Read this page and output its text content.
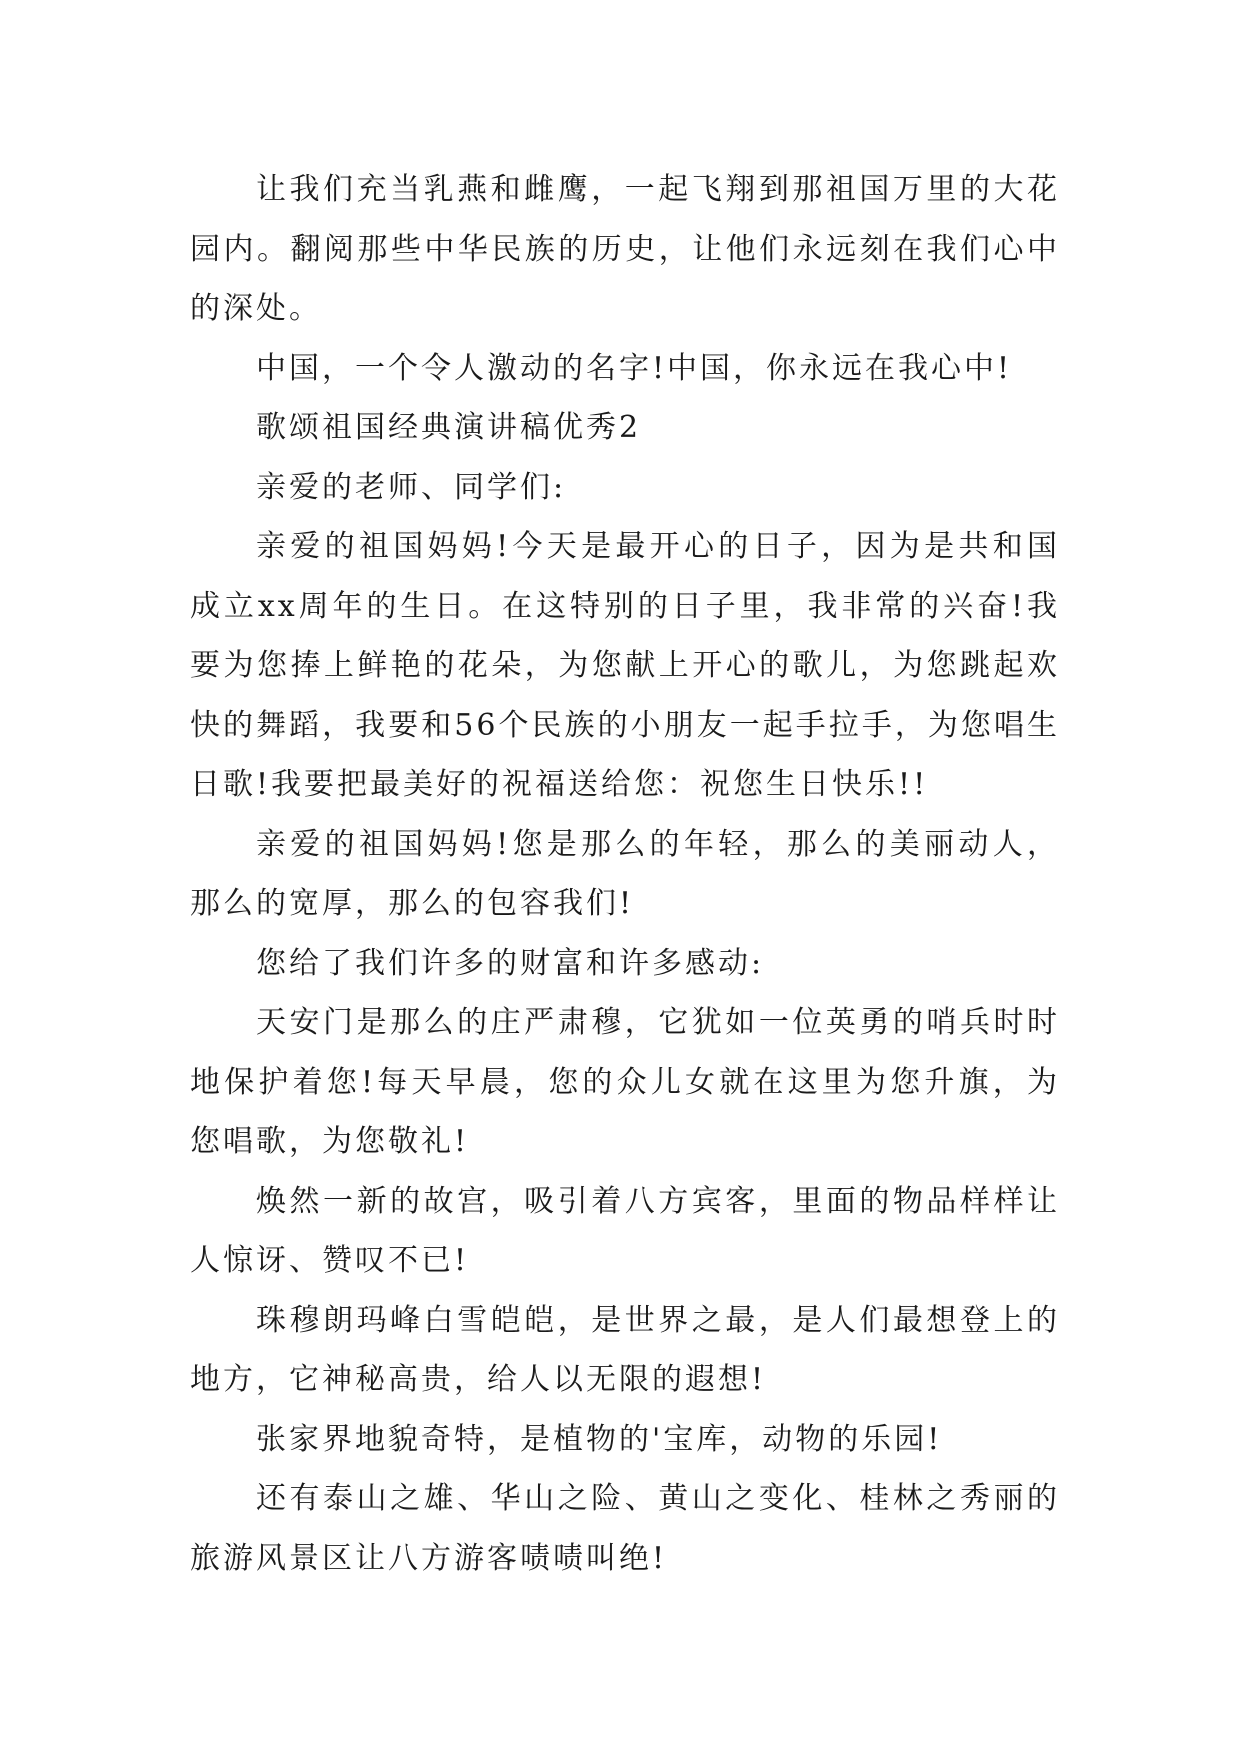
让我们充当乳燕和雌鹰，一起飞翔到那祖国万里的大花园内。翻阅那些中华民族的历史，让他们永远刻在我们心中的深处。

中国，一个令人激动的名字!中国，你永远在我心中!

歌颂祖国经典演讲稿优秀2

亲爱的老师、同学们:

亲爱的祖国妈妈!今天是最开心的日子，因为是共和国成立xx周年的生日。在这特别的日子里，我非常的兴奋!我要为您捧上鲜艳的花朵，为您献上开心的歌儿，为您跳起欢快的舞蹈，我要和56个民族的小朋友一起手拉手，为您唱生日歌!我要把最美好的祝福送给您：祝您生日快乐!!

亲爱的祖国妈妈!您是那么的年轻，那么的美丽动人，那么的宽厚，那么的包容我们!

您给了我们许多的财富和许多感动:

天安门是那么的庄严肃穆，它犹如一位英勇的哨兵时时地保护着您!每天早晨，您的众儿女就在这里为您升旗，为您唱歌，为您敬礼!

焕然一新的故宫，吸引着八方宾客，里面的物品样样让人惊讶、赞叹不已!

珠穆朗玛峰白雪皑皑，是世界之最，是人们最想登上的地方，它神秘高贵，给人以无限的遐想!

张家界地貌奇特，是植物的'宝库，动物的乐园!

还有泰山之雄、华山之险、黄山之变化、桂林之秀丽的旅游风景区让八方游客啧啧叫绝!
